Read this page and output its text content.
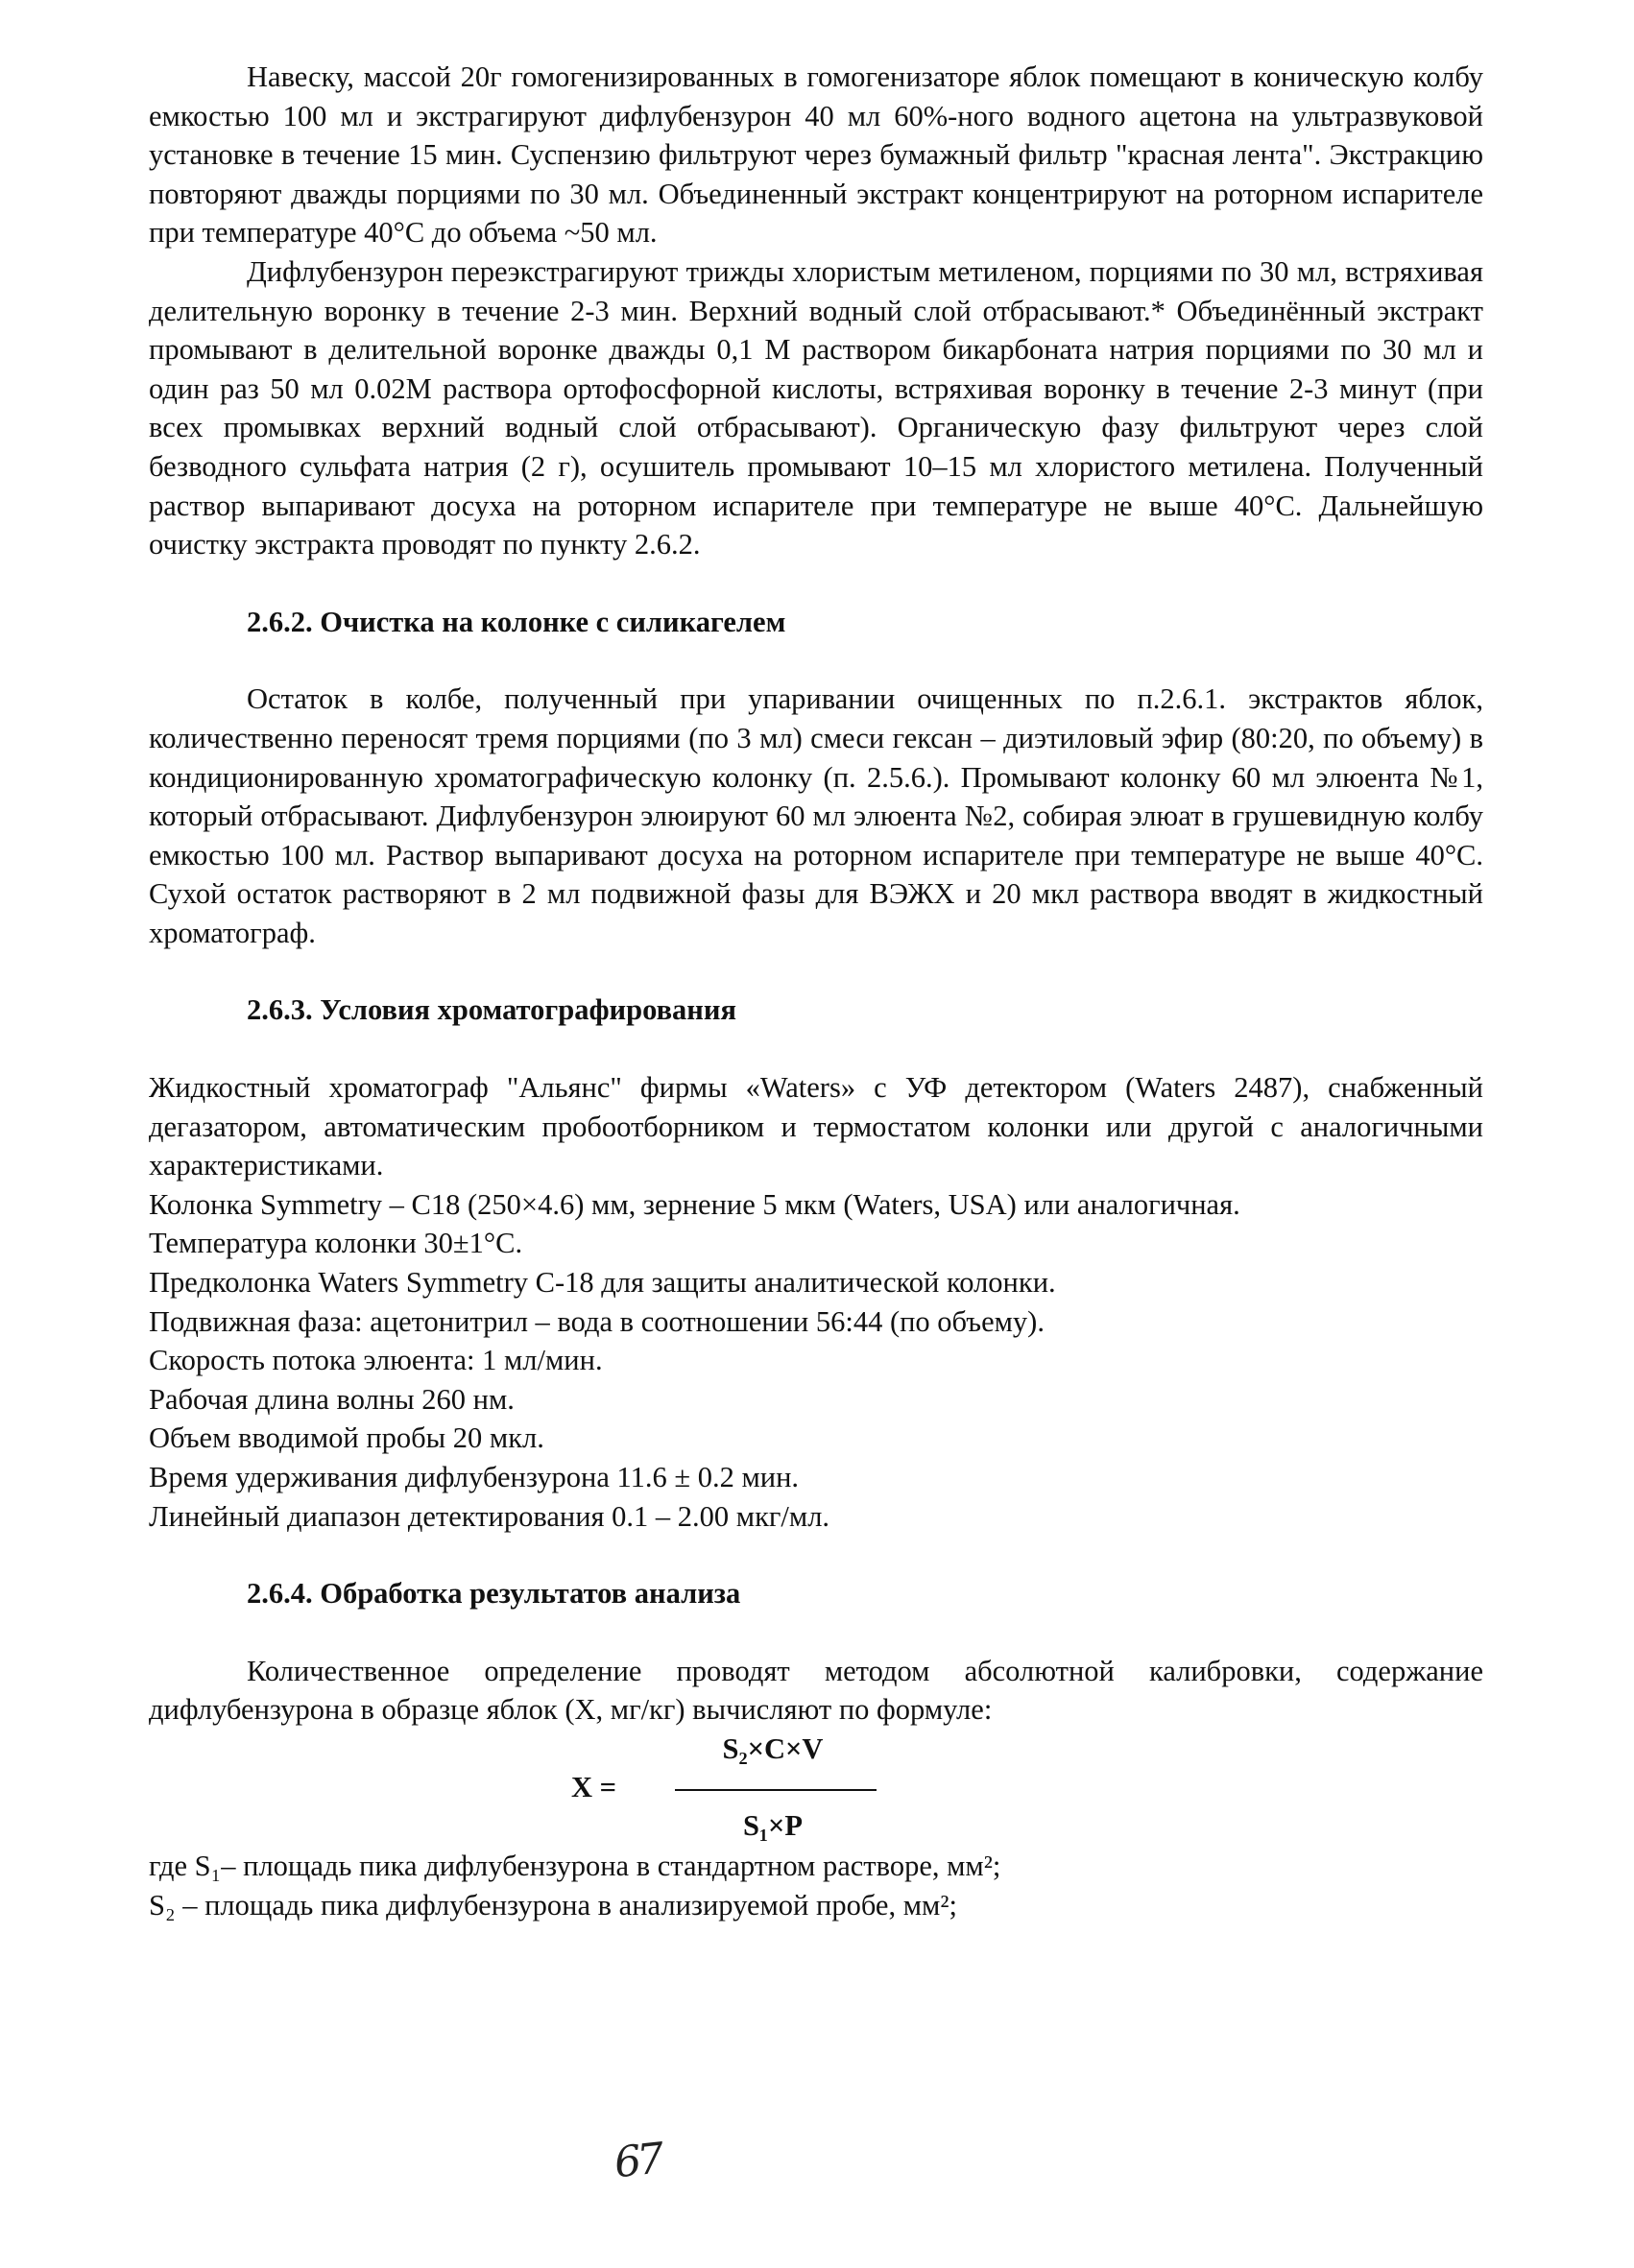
Навеску, массой 20г гомогенизированных в гомогенизаторе яблок помещают в коническую колбу емкостью 100 мл и экстрагируют дифлубензурон 40 мл 60%-ного водного ацетона на ультразвуковой установке в течение 15 мин. Суспензию фильтруют через бумажный фильтр "красная лента". Экстракцию повторяют дважды порциями по 30 мл. Объединенный экстракт концентрируют на роторном испарителе при температуре 40°С до объема ~50 мл.

Дифлубензурон переэкстрагируют трижды хлористым метиленом, порциями по 30 мл, встряхивая делительную воронку в течение 2-3 мин. Верхний водный слой отбрасывают.* Объединённый экстракт промывают в делительной воронке дважды 0,1 М раствором бикарбоната натрия порциями по 30 мл и один раз 50 мл 0.02М раствора ортофосфорной кислоты, встряхивая воронку в течение 2-3 минут (при всех промывках верхний водный слой отбрасывают). Органическую фазу фильтруют через слой безводного сульфата натрия (2 г), осушитель промывают 10–15 мл хлористого метилена. Полученный раствор выпаривают досуха на роторном испарителе при температуре не выше 40°С. Дальнейшую очистку экстракта проводят по пункту 2.6.2.

2.6.2. Очистка на колонке с силикагелем

Остаток в колбе, полученный при упаривании очищенных по п.2.6.1. экстрактов яблок, количественно переносят тремя порциями (по 3 мл) смеси гексан – диэтиловый эфир (80:20, по объему) в кондиционированную хроматографическую колонку (п. 2.5.6.). Промывают колонку 60 мл элюента №1, который отбрасывают. Дифлубензурон элюируют 60 мл элюента №2, собирая элюат в грушевидную колбу емкостью 100 мл. Раствор выпаривают досуха на роторном испарителе при температуре не выше 40°С. Сухой остаток растворяют в 2 мл подвижной фазы для ВЭЖХ и 20 мкл раствора вводят в жидкостный хроматограф.

2.6.3. Условия хроматографирования

Жидкостный хроматограф "Альянс" фирмы «Waters» с УФ детектором (Waters 2487), снабженный дегазатором, автоматическим пробоотборником и термостатом колонки или другой с аналогичными характеристиками.

Колонка Symmetry – С18 (250×4.6) мм, зернение 5 мкм (Waters, USA) или аналогичная.
Температура колонки 30±1°С.
Предколонка Waters Symmetry С-18 для защиты аналитической колонки.
Подвижная фаза: ацетонитрил – вода в соотношении 56:44 (по объему).
Скорость потока элюента: 1 мл/мин.
Рабочая длина волны 260 нм.
Объем вводимой пробы 20 мкл.
Время удерживания дифлубензурона 11.6 ± 0.2 мин.
Линейный диапазон детектирования 0.1 – 2.00 мкг/мл.
2.6.4. Обработка результатов анализа

Количественное определение проводят методом абсолютной калибровки, содержание дифлубензурона в образце яблок (Х, мг/кг) вычисляют по формуле:

S₂×C×V
Х =
S₁×P
где S₁– площадь пика дифлубензурона в стандартном растворе, мм²;
S₂ – площадь пика дифлубензурона в анализируемой пробе, мм²;
67
